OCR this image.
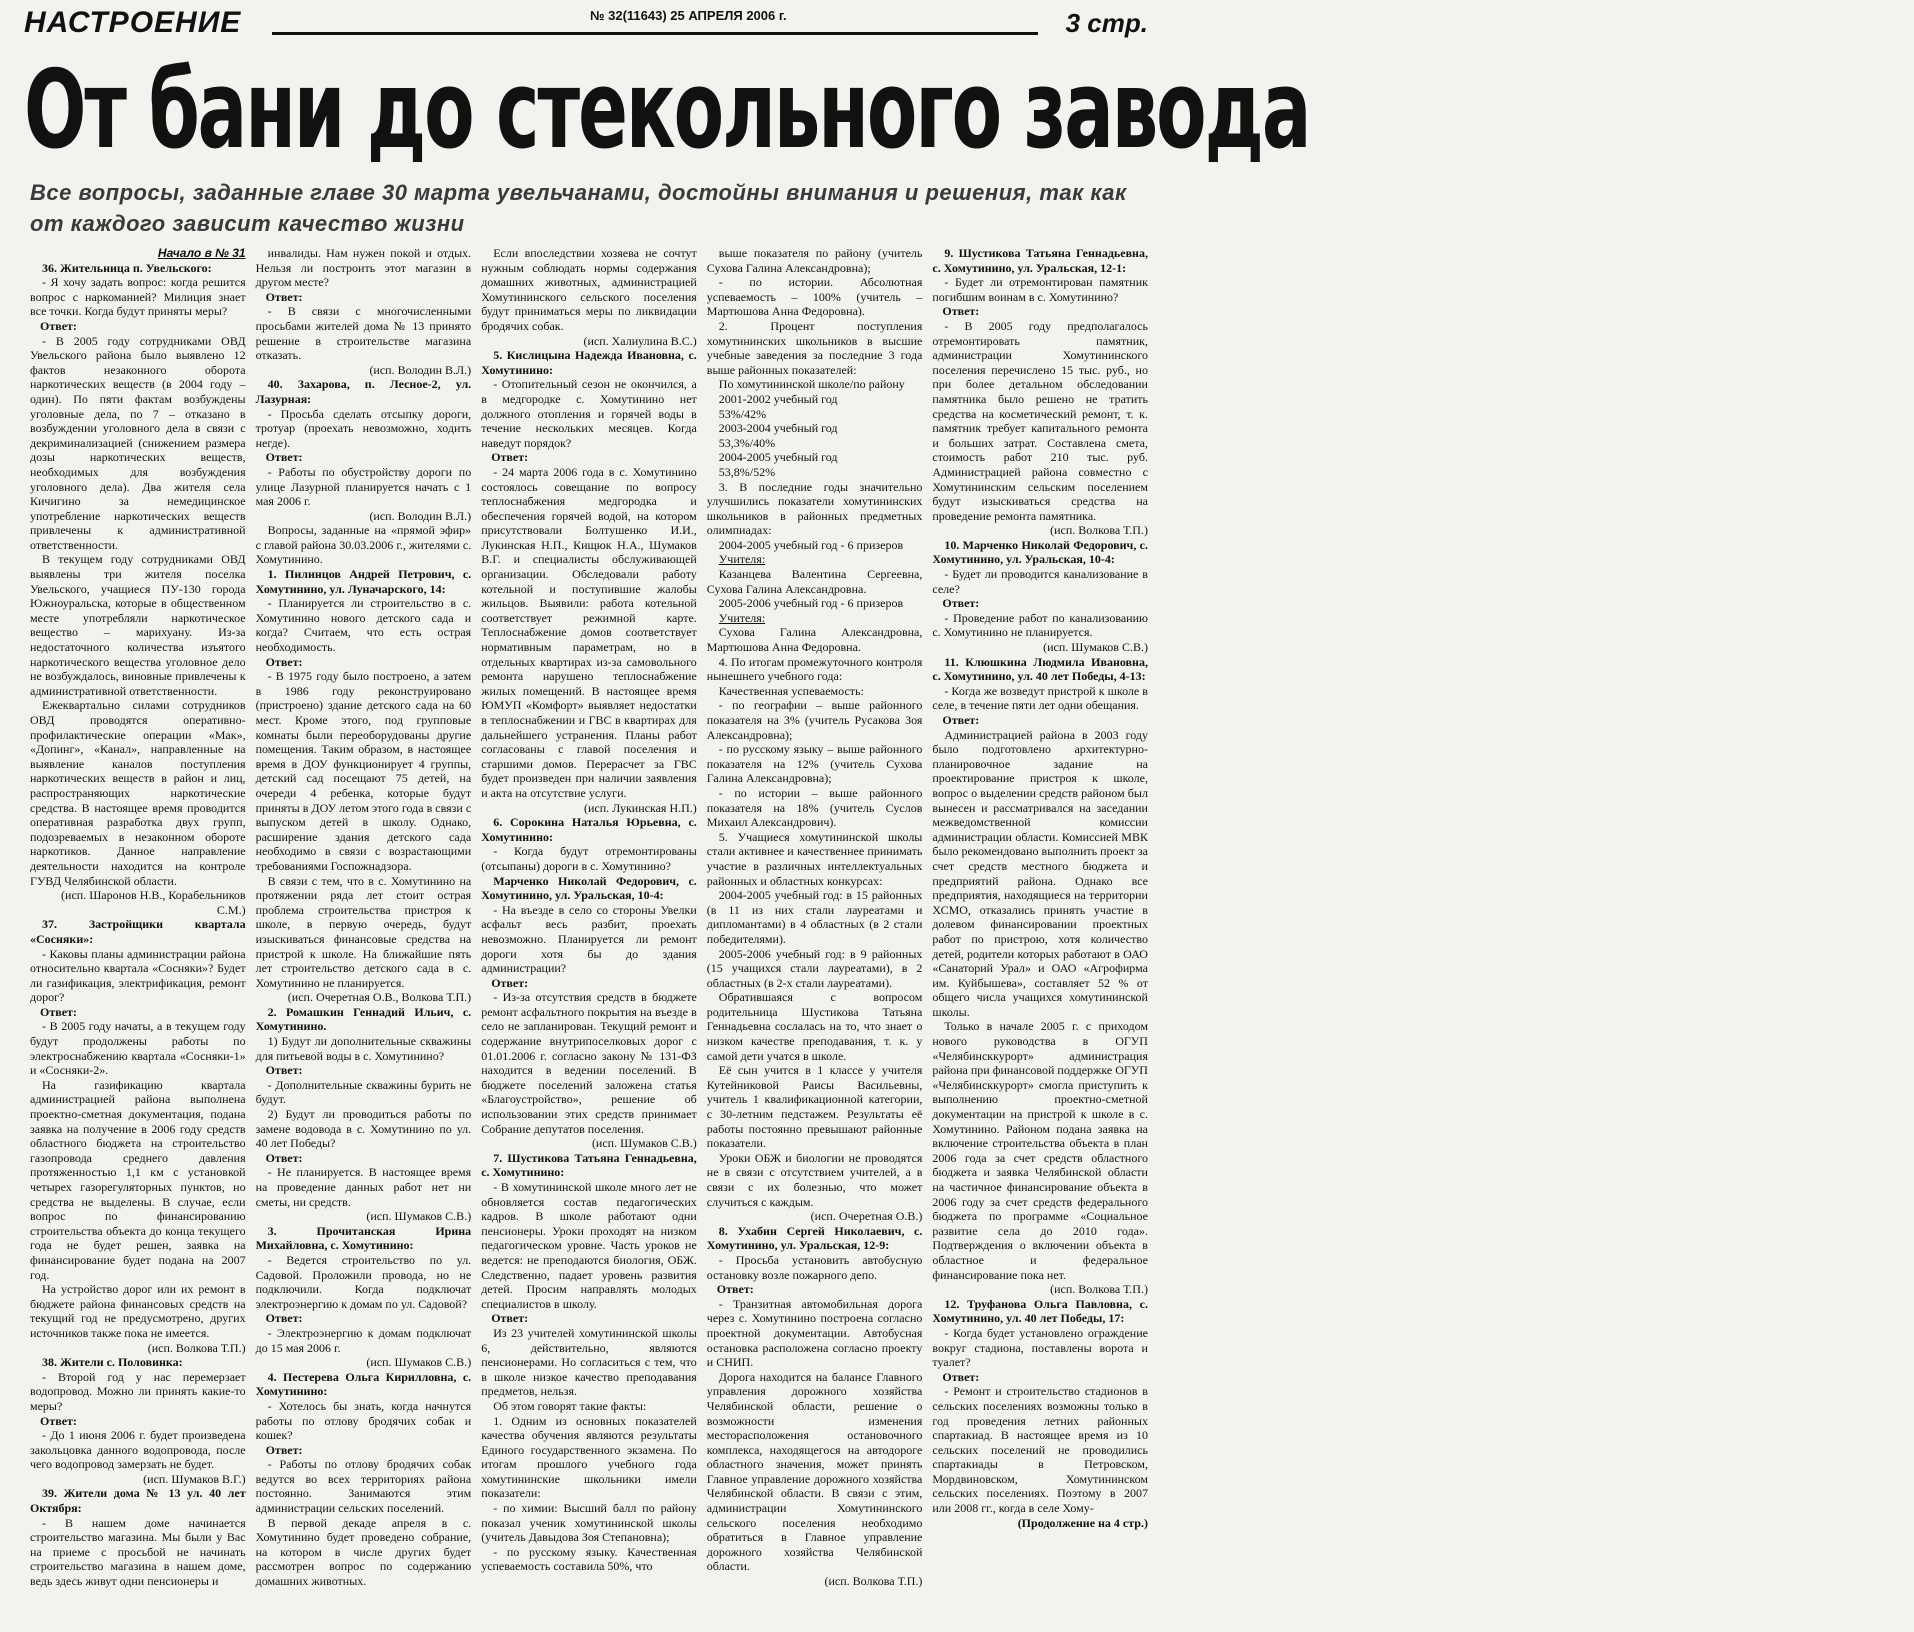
НАСТРОЕНИЕ	№ 32(11643) 25 АПРЕЛЯ 2006 г.	3 стр.
От бани до стекольного завода
Все вопросы, заданные главе 30 марта увельчанами, достойны внимания и решения, так как от каждого зависит качество жизни

Начало в № 31

36. Жительница п. Увельского:

- Я хочу задать вопрос: когда решится вопрос с наркоманией? Милиция знает все точки. Когда будут приняты меры?

Ответ:

- В 2005 году сотрудниками ОВД Увельского района было выявлено 12 фактов незаконного оборота наркотических веществ (в 2004 году – один). По пяти фактам возбуждены уголовные дела, по 7 – отказано в возбуждении уголовного дела в связи с декриминализацией (снижением размера дозы наркотических веществ, необходимых для возбуждения уголовного дела). Два жителя села Кичигино за немедицинское употребление наркотических веществ привлечены к административной ответственности.

В текущем году сотрудниками ОВД выявлены три жителя поселка Увельского, учащиеся ПУ-130 города Южноуральска, которые в общественном месте употребляли наркотическое вещество – марихуану. Из-за недостаточного количества изъятого наркотического вещества уголовное дело не возбуждалось, виновные привлечены к административной ответственности.

Ежеквартально силами сотрудников ОВД проводятся оперативно-профилактические операции «Мак», «Допинг», «Канал», направленные на выявление каналов поступления наркотических веществ в район и лиц, распространяющих наркотические средства. В настоящее время проводится оперативная разработка двух групп, подозреваемых в незаконном обороте наркотиков. Данное направление деятельности находится на контроле ГУВД Челябинской области.

(исп. Шаронов Н.В., Корабельников С.М.)

37. Застройщики квартала «Сосняки»:

- Каковы планы администрации района относительно квартала «Сосняки»? Будет ли газификация, электрификация, ремонт дорог?

Ответ:

- В 2005 году начаты, а в текущем году будут продолжены работы по электроснабжению квартала «Сосняки-1» и «Сосняки-2».

На газификацию квартала администрацией района выполнена проектно-сметная документация, подана заявка на получение в 2006 году средств областного бюджета на строительство газопровода среднего давления протяженностью 1,1 км с установкой четырех газорегуляторных пунктов, но средства не выделены. В случае, если вопрос по финансированию строительства объекта до конца текущего года не будет решен, заявка на финансирование будет подана на 2007 год.

На устройство дорог или их ремонт в бюджете района финансовых средств на текущий год не предусмотрено, других источников также пока не имеется.

(исп. Волкова Т.П.)

38. Жители с. Половинка:

- Второй год у нас перемерзает водопровод. Можно ли принять какие-то меры?

Ответ:

- До 1 июня 2006 г. будет произведена закольцовка данного водопровода, после чего водопровод замерзать не будет.

(исп. Шумаков В.Г.)

39. Жители дома № 13 ул. 40 лет Октября:

- В нашем доме начинается строительство магазина. Мы были у Вас на приеме с просьбой не начинать строительство магазина в нашем доме, ведь здесь живут одни пенсионеры и

инвалиды. Нам нужен покой и отдых. Нельзя ли построить этот магазин в другом месте?

Ответ:

- В связи с многочисленными просьбами жителей дома № 13 принято решение в строительстве магазина отказать.

(исп. Володин В.Л.)

40. Захарова, п. Лесное-2, ул. Лазурная:

- Просьба сделать отсыпку дороги, тротуар (проехать невозможно, ходить негде).

Ответ:

- Работы по обустройству дороги по улице Лазурной планируется начать с 1 мая 2006 г.

(исп. Володин В.Л.)

Вопросы, заданные на «прямой эфир» с главой района 30.03.2006 г., жителями с. Хомутинино.

1. Пилинцов Андрей Петрович, с. Хомутинино, ул. Луначарского, 14:

- Планируется ли строительство в с. Хомутинино нового детского сада и когда? Считаем, что есть острая необходимость.

Ответ:

- В 1975 году было построено, а затем в 1986 году реконструировано (пристроено) здание детского сада на 60 мест. Кроме этого, под групповые комнаты были переоборудованы другие помещения. Таким образом, в настоящее время в ДОУ функционирует 4 группы, детский сад посещают 75 детей, на очереди 4 ребенка, которые будут приняты в ДОУ летом этого года в связи с выпуском детей в школу. Однако, расширение здания детского сада необходимо в связи с возрастающими требованиями Госпожнадзора.

В связи с тем, что в с. Хомутинино на протяжении ряда лет стоит острая проблема строительства пристроя к школе, в первую очередь, будут изыскиваться финансовые средства на пристрой к школе. На ближайшие пять лет строительство детского сада в с. Хомутинино не планируется.

(исп. Очеретная О.В., Волкова Т.П.)

2. Ромашкин Геннадий Ильич, с. Хомутинино.

1) Будут ли дополнительные скважины для питьевой воды в с. Хомутинино?

Ответ:

- Дополнительные скважины бурить не будут.

2) Будут ли проводиться работы по замене водовода в с. Хомутинино по ул. 40 лет Победы?

Ответ:

- Не планируется. В настоящее время на проведение данных работ нет ни сметы, ни средств.

(исп. Шумаков С.В.)

3. Прочитанская Ирина Михайловна, с. Хомутинино:

- Ведется строительство по ул. Садовой. Проложили провода, но не подключили. Когда подключат электроэнергию к домам по ул. Садовой?

Ответ:

- Электроэнергию к домам подключат до 15 мая 2006 г.

(исп. Шумаков С.В.)

4. Пестерева Ольга Кирилловна, с. Хомутинино:

- Хотелось бы знать, когда начнутся работы по отлову бродячих собак и кошек?

Ответ:

- Работы по отлову бродячих собак ведутся во всех территориях района постоянно. Занимаются этим администрации сельских поселений.

В первой декаде апреля в с. Хомутинино будет проведено собрание, на котором в числе других будет рассмотрен вопрос по содержанию домашних животных.

Если впоследствии хозяева не сочтут нужным соблюдать нормы содержания домашних животных, администрацией Хомутининского сельского поселения будут приниматься меры по ликвидации бродячих собак.

(исп. Халиулина В.С.)

5. Кислицына Надежда Ивановна, с. Хомутинино:

- Отопительный сезон не окончился, а в медгородке с. Хомутинино нет должного отопления и горячей воды в течение нескольких месяцев. Когда наведут порядок?

Ответ:

- 24 марта 2006 года в с. Хомутинино состоялось совещание по вопросу теплоснабжения медгородка и обеспечения горячей водой, на котором присутствовали Болтушенко И.И., Лукинская Н.П., Кищюк Н.А., Шумаков В.Г. и специалисты обслуживающей организации. Обследовали работу котельной и поступившие жалобы жильцов. Выявили: работа котельной соответствует режимной карте. Теплоснабжение домов соответствует нормативным параметрам, но в отдельных квартирах из-за самовольного ремонта нарушено теплоснабжение жилых помещений. В настоящее время ЮМУП «Комфорт» выявляет недостатки в теплоснабжении и ГВС в квартирах для дальнейшего устранения. Планы работ согласованы с главой поселения и старшими домов. Перерасчет за ГВС будет произведен при наличии заявления и акта на отсутствие услуги.

(исп. Лукинская Н.П.)

6. Сорокина Наталья Юрьевна, с. Хомутинино:

- Когда будут отремонтированы (отсыпаны) дороги в с. Хомутинино?

Марченко Николай Федорович, с. Хомутинино, ул. Уральская, 10-4:

- На въезде в село со стороны Увелки асфальт весь разбит, проехать невозможно. Планируется ли ремонт дороги хотя бы до здания администрации?

Ответ:

- Из-за отсутствия средств в бюджете ремонт асфальтного покрытия на въезде в село не запланирован. Текущий ремонт и содержание внутрипоселковых дорог с 01.01.2006 г. согласно закону № 131-ФЗ находится в ведении поселений. В бюджете поселений заложена статья «Благоустройство», решение об использовании этих средств принимает Собрание депутатов поселения.

(исп. Шумаков С.В.)

7. Шустикова Татьяна Геннадьевна, с. Хомутинино:

- В хомутининской школе много лет не обновляется состав педагогических кадров. В школе работают одни пенсионеры. Уроки проходят на низком педагогическом уровне. Часть уроков не ведется: не преподаются биология, ОБЖ. Следственно, падает уровень развития детей. Просим направлять молодых специалистов в школу.

Ответ:

Из 23 учителей хомутининской школы 6, действительно, являются пенсионерами. Но согласиться с тем, что в школе низкое качество преподавания предметов, нельзя.

Об этом говорят такие факты:

1. Одним из основных показателей качества обучения являются результаты Единого государственного экзамена. По итогам прошлого учебного года хомутининские школьники имели показатели:

- по химии: Высший балл по району показал ученик хомутининской школы (учитель Давыдова Зоя Степановна);

- по русскому языку. Качественная успеваемость составила 50%, что

выше показателя по району (учитель Сухова Галина Александровна);

- по истории. Абсолютная успеваемость – 100% (учитель – Мартюшова Анна Федоровна).

2. Процент поступления хомутининских школьников в высшие учебные заведения за последние 3 года выше районных показателей:

По хомутининской школе/по району

2001-2002 учебный год

53%/42%

2003-2004 учебный год

53,3%/40%

2004-2005 учебный год

53,8%/52%

3. В последние годы значительно улучшились показатели хомутининских школьников в районных предметных олимпиадах:

2004-2005 учебный год - 6 призеров

Учителя:

Казанцева Валентина Сергеевна, Сухова Галина Александровна.

2005-2006 учебный год - 6 призеров

Учителя:

Сухова Галина Александровна, Мартюшова Анна Федоровна.

4. По итогам промежуточного контроля нынешнего учебного года:

Качественная успеваемость:

- по географии – выше районного показателя на 3% (учитель Русакова Зоя Александровна);

- по русскому языку – выше районного показателя на 12% (учитель Сухова Галина Александровна);

- по истории – выше районного показателя на 18% (учитель Суслов Михаил Александрович).

5. Учащиеся хомутининской школы стали активнее и качественнее принимать участие в различных интеллектуальных районных и областных конкурсах:

2004-2005 учебный год: в 15 районных (в 11 из них стали лауреатами и дипломантами) в 4 областных (в 2 стали победителями).

2005-2006 учебный год: в 9 районных (15 учащихся стали лауреатами), в 2 областных (в 2-х стали лауреатами).

Обратившаяся с вопросом родительница Шустикова Татьяна Геннадьевна сослалась на то, что знает о низком качестве преподавания, т. к. у самой дети учатся в школе.

Её сын учится в 1 классе у учителя Кутейниковой Раисы Васильевны, учитель 1 квалификационной категории, с 30-летним педстажем. Результаты её работы постоянно превышают районные показатели.

Уроки ОБЖ и биологии не проводятся не в связи с отсутствием учителей, а в связи с их болезнью, что может случиться с каждым.

(исп. Очеретная О.В.)

8. Ухабин Сергей Николаевич, с. Хомутинино, ул. Уральская, 12-9:

- Просьба установить автобусную остановку возле пожарного депо.

Ответ:

- Транзитная автомобильная дорога через с. Хомутинино построена согласно проектной документации. Автобусная остановка расположена согласно проекту и СНИП.

Дорога находится на балансе Главного управления дорожного хозяйства Челябинской области, решение о возможности изменения месторасположения остановочного комплекса, находящегося на автодороге областного значения, может принять Главное управление дорожного хозяйства Челябинской области. В связи с этим, администрации Хомутининского сельского поселения необходимо обратиться в Главное управление дорожного хозяйства Челябинской области.

(исп. Волкова Т.П.)

9. Шустикова Татьяна Геннадьевна, с. Хомутинино, ул. Уральская, 12-1:

- Будет ли отремонтирован памятник погибшим воинам в с. Хомутинино?

Ответ:

- В 2005 году предполагалось отремонтировать памятник, администрации Хомутининского поселения перечислено 15 тыс. руб., но при более детальном обследовании памятника было решено не тратить средства на косметический ремонт, т. к. памятник требует капитального ремонта и больших затрат. Составлена смета, стоимость работ 210 тыс. руб. Администрацией района совместно с Хомутининским сельским поселением будут изыскиваться средства на проведение ремонта памятника.

(исп. Волкова Т.П.)

10. Марченко Николай Федорович, с. Хомутинино, ул. Уральская, 10-4:

- Будет ли проводится канализование в селе?

Ответ:

- Проведение работ по канализованию с. Хомутинино не планируется.

(исп. Шумаков С.В.)

11. Клюшкина Людмила Ивановна, с. Хомутинино, ул. 40 лет Победы, 4-13:

- Когда же возведут пристрой к школе в селе, в течение пяти лет одни обещания.

Ответ:

Администрацией района в 2003 году было подготовлено архитектурно-планировочное задание на проектирование пристроя к школе, вопрос о выделении средств районом был вынесен и рассматривался на заседании межведомственной комиссии администрации области. Комиссией МВК было рекомендовано выполнить проект за счет средств местного бюджета и предприятий района. Однако все предприятия, находящиеся на территории ХСМО, отказались принять участие в долевом финансировании проектных работ по пристрою, хотя количество детей, родители которых работают в ОАО «Санаторий Урал» и ОАО «Агрофирма им. Куйбышева», составляет 52 % от общего числа учащихся хомутининской школы.

Только в начале 2005 г. с приходом нового руководства в ОГУП «Челябинсккурорт» администрация района при финансовой поддержке ОГУП «Челябинсккурорт» смогла приступить к выполнению проектно-сметной документации на пристрой к школе в с. Хомутинино. Районом подана заявка на включение строительства объекта в план 2006 года за счет средств областного бюджета и заявка Челябинской области на частичное финансирование объекта в 2006 году за счет средств федерального бюджета по программе «Социальное развитие села до 2010 года». Подтверждения о включении объекта в областное и федеральное финансирование пока нет.

(исп. Волкова Т.П.)

12. Труфанова Ольга Павловна, с. Хомутинино, ул. 40 лет Победы, 17:

- Когда будет установлено ограждение вокруг стадиона, поставлены ворота и туалет?

Ответ:

- Ремонт и строительство стадионов в сельских поселениях возможны только в год проведения летних районных спартакиад. В настоящее время из 10 сельских поселений не проводились спартакиады в Петровском, Мордвиновском, Хомутининском сельских поселениях. Поэтому в 2007 или 2008 гг., когда в селе Хому-

(Продолжение на 4 стр.)
